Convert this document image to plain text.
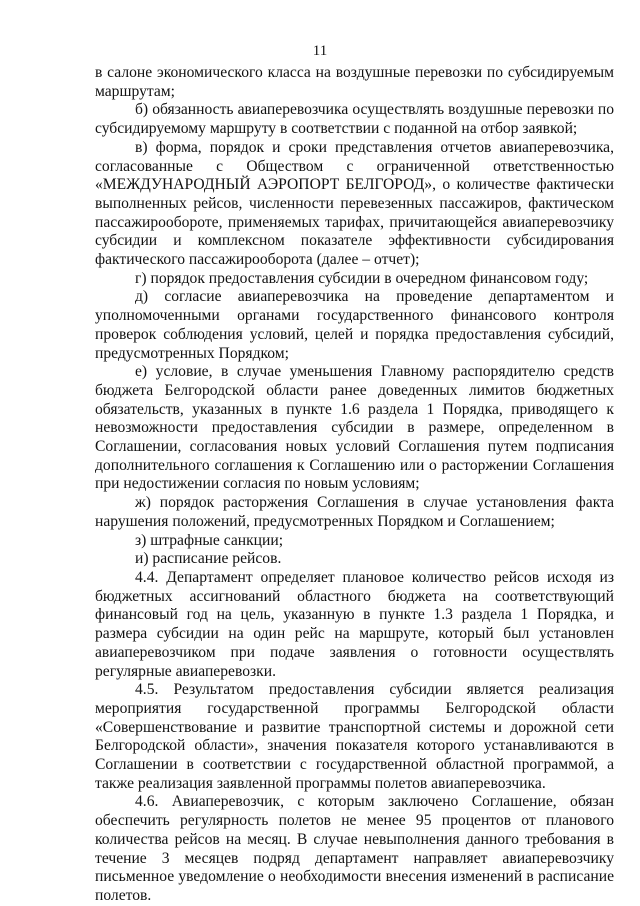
11

в салоне экономического класса на воздушные перевозки по субсидируемым маршрутам;

б) обязанность авиаперевозчика осуществлять воздушные перевозки по субсидируемому маршруту в соответствии с поданной на отбор заявкой;

в) форма, порядок и сроки представления отчетов авиаперевозчика, согласованные с Обществом с ограниченной ответственностью «МЕЖДУНАРОДНЫЙ АЭРОПОРТ БЕЛГОРОД», о количестве фактически выполненных рейсов, численности перевезенных пассажиров, фактическом пассажирообороте, применяемых тарифах, причитающейся авиаперевозчику субсидии и комплексном показателе эффективности субсидирования фактического пассажирооборота (далее – отчет);

г) порядок предоставления субсидии в очередном финансовом году;

д) согласие авиаперевозчика на проведение департаментом и уполномоченными органами государственного финансового контроля проверок соблюдения условий, целей и порядка предоставления субсидий, предусмотренных Порядком;

е) условие, в случае уменьшения Главному распорядителю средств бюджета Белгородской области ранее доведенных лимитов бюджетных обязательств, указанных в пункте 1.6 раздела 1 Порядка, приводящего к невозможности предоставления субсидии в размере, определенном в Соглашении, согласования новых условий Соглашения путем подписания дополнительного соглашения к Соглашению или о расторжении Соглашения при недостижении согласия по новым условиям;

ж) порядок расторжения Соглашения в случае установления факта нарушения положений, предусмотренных Порядком и Соглашением;

з) штрафные санкции;

и) расписание рейсов.

4.4. Департамент определяет плановое количество рейсов исходя из бюджетных ассигнований областного бюджета на соответствующий финансовый год на цель, указанную в пункте 1.3 раздела 1 Порядка, и размера субсидии на один рейс на маршруте, который был установлен авиаперевозчиком при подаче заявления о готовности осуществлять регулярные авиаперевозки.

4.5. Результатом предоставления субсидии является реализация мероприятия государственной программы Белгородской области «Совершенствование и развитие транспортной системы и дорожной сети Белгородской области», значения показателя которого устанавливаются в Соглашении в соответствии с государственной областной программой, а также реализация заявленной программы полетов авиаперевозчика.

4.6. Авиаперевозчик, с которым заключено Соглашение, обязан обеспечить регулярность полетов не менее 95 процентов от планового количества рейсов на месяц. В случае невыполнения данного требования в течение 3 месяцев подряд департамент направляет авиаперевозчику письменное уведомление о необходимости внесения изменений в расписание полетов.
